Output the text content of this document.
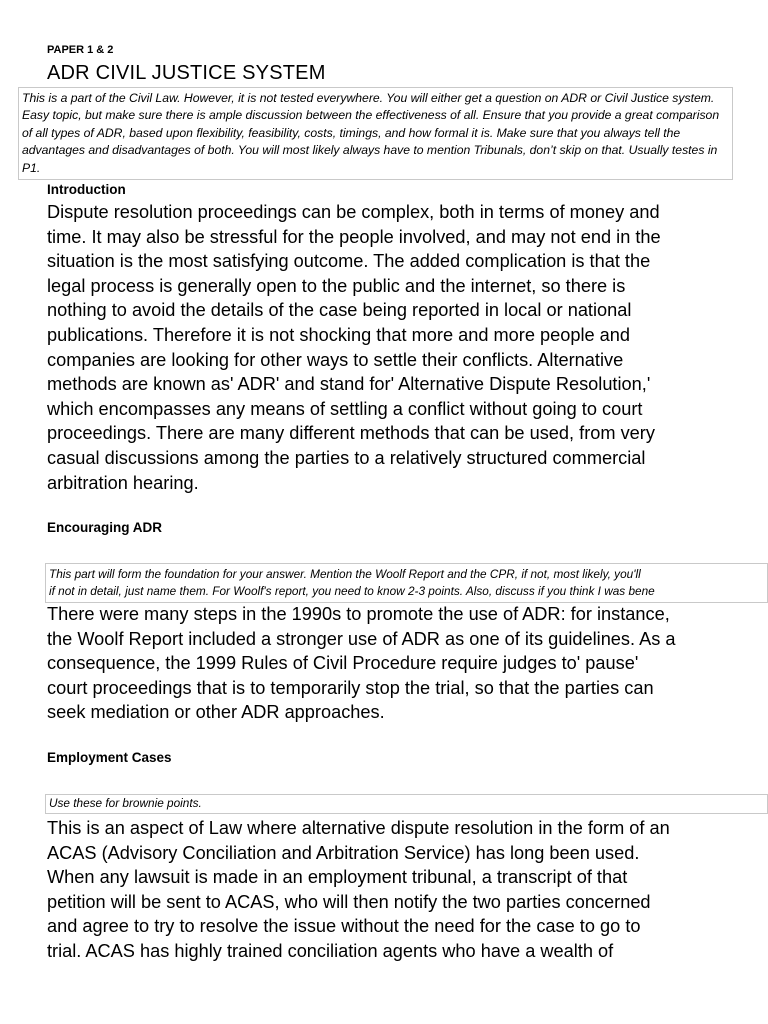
PAPER 1 & 2
ADR CIVIL JUSTICE SYSTEM
This is a part of the Civil Law. However, it is not tested everywhere. You will either get a question on ADR or Civil Justice system. Easy topic, but make sure there is ample discussion between the effectiveness of all. Ensure that you provide a great comparison of all types of ADR, based upon flexibility, feasibility, costs, timings, and how formal it is. Make sure that you always tell the advantages and disadvantages of both. You will most likely always have to mention Tribunals, don’t skip on that. Usually testes in P1.
Introduction
Dispute resolution proceedings can be complex, both in terms of money and
time. It may also be stressful for the people involved, and may not end in the
situation is the most satisfying outcome. The added complication is that the
legal process is generally open to the public and the internet, so there is
nothing to avoid the details of the case being reported in local or national
publications. Therefore it is not shocking that more and more people and
companies are looking for other ways to settle their conflicts. Alternative
methods are known as' ADR' and stand for' Alternative Dispute Resolution,'
which encompasses any means of settling a conflict without going to court
proceedings. There are many different methods that can be used, from very
casual discussions among the parties to a relatively structured commercial
arbitration hearing.
Encouraging ADR
This part will form the foundation for your answer. Mention the Woolf Report and the CPR, if not, most likely, you'll
if not in detail, just name them. For Woolf's report, you need to know 2-3 points. Also, discuss if you think I was bene
There were many steps in the 1990s to promote the use of ADR: for instance,
the Woolf Report included a stronger use of ADR as one of its guidelines. As a
consequence, the 1999 Rules of Civil Procedure require judges to' pause'
court proceedings that is to temporarily stop the trial, so that the parties can
seek mediation or other ADR approaches.
Employment Cases
Use these for brownie points.
This is an aspect of Law where alternative dispute resolution in the form of an
ACAS (Advisory Conciliation and Arbitration Service) has long been used.
When any lawsuit is made in an employment tribunal, a transcript of that
petition will be sent to ACAS, who will then notify the two parties concerned
and agree to try to resolve the issue without the need for the case to go to
trial. ACAS has highly trained conciliation agents who have a wealth of
